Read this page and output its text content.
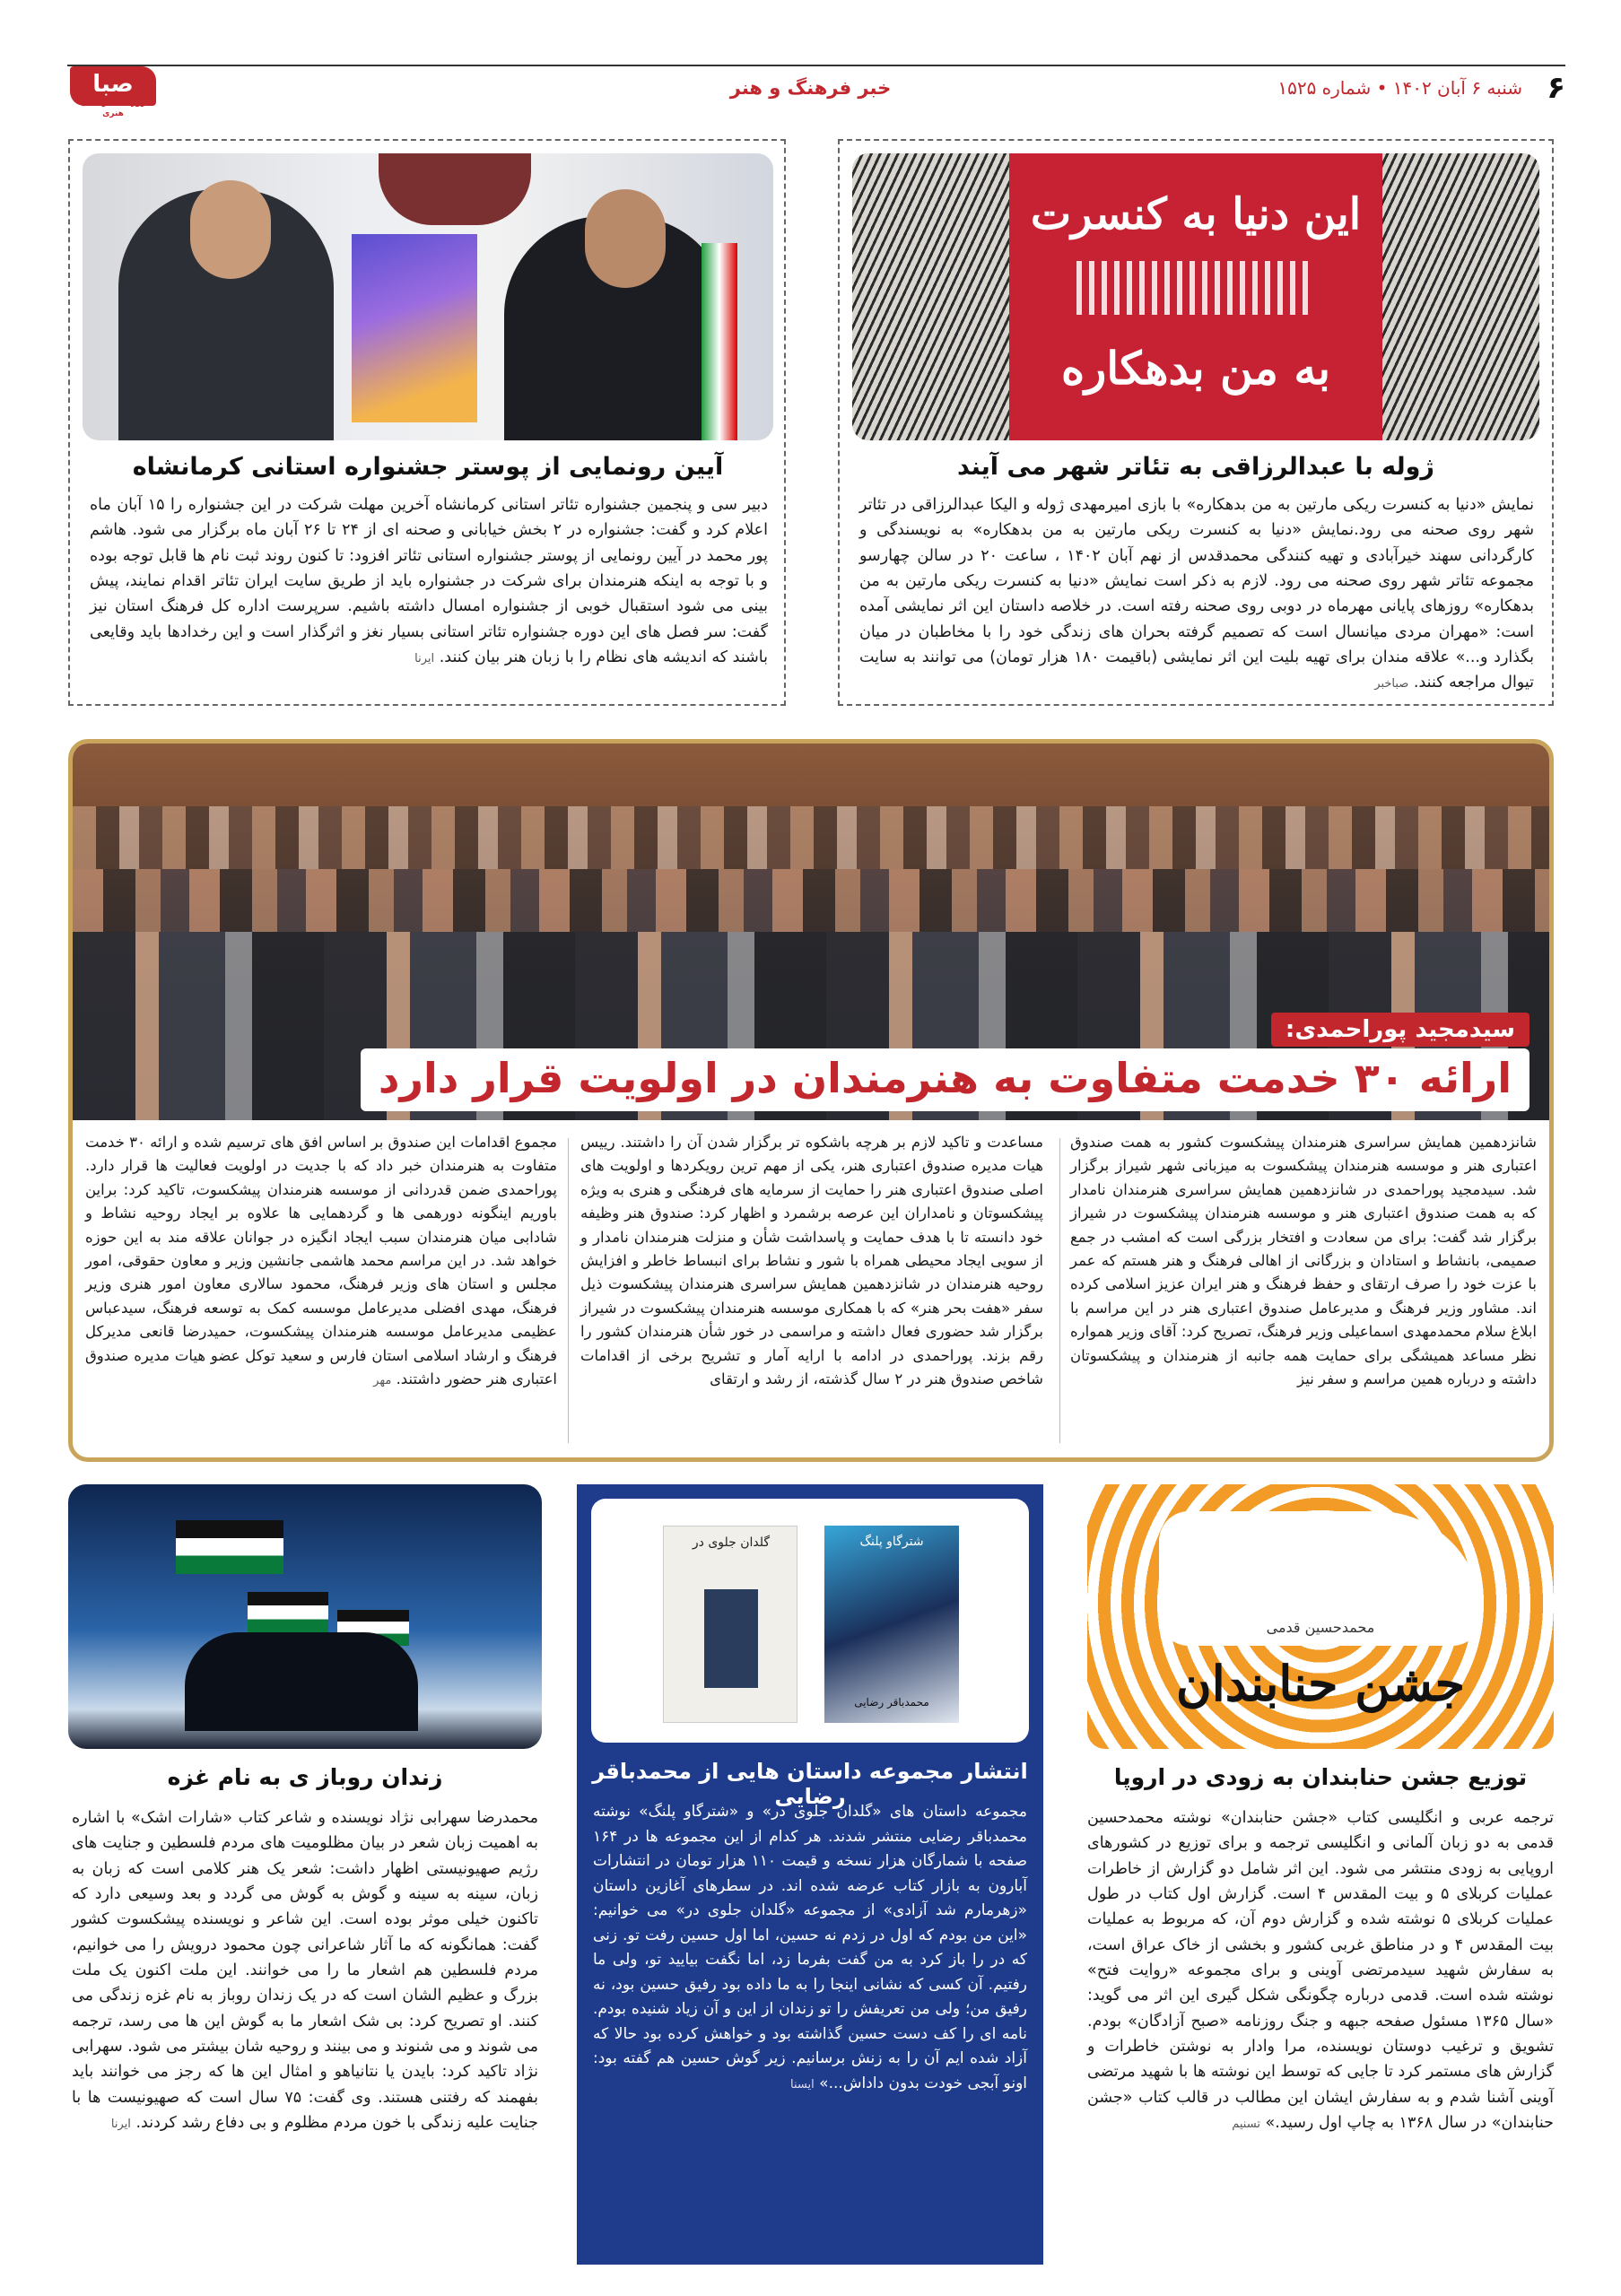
۶
شنبه ۶ آبان ۱۴۰۲ • شماره ۱۵۲۵
خبر فرهنگ و هنر
صبا
روزنامه فرهنگی هنری
این دنیا به کنسرت
به من بدهکاره
ژوله با عبدالرزاقی به تئاتر شهر می آیند
نمایش «دنیا به کنسرت ریکی مارتین به من بدهکاره» با بازی امیرمهدی ژوله و الیکا عبدالرزاقی در تئاتر شهر روی صحنه می رود.نمایش «دنیا به کنسرت ریکی مارتین به من بدهکاره» به نویسندگی و کارگردانی سهند خیرآبادی و تهیه کنندگی محمدقدس از نهم آبان ۱۴۰۲ ، ساعت ۲۰ در سالن چهارسو مجموعه تئاتر شهر روی صحنه می رود. لازم به ذکر است نمایش «دنیا به کنسرت ریکی مارتین به من بدهکاره» روزهای پایانی مهرماه در دوبی روی صحنه رفته است. در خلاصه داستان این اثر نمایشی آمده است: «مهران مردی میانسال است که تصمیم گرفته بحران های زندگی خود را با مخاطبان در میان بگذارد و...» علاقه مندان برای تهیه بلیت این اثر نمایشی (باقیمت ۱۸۰ هزار تومان) می توانند به سایت تیوال مراجعه کنند. صباخبر
آیین رونمایی از پوستر جشنواره استانی کرمانشاه
دبیر سی و پنجمین جشنواره تئاتر استانی کرمانشاه آخرین مهلت شرکت در این جشنواره را ۱۵ آبان ماه اعلام کرد و گفت: جشنواره در ۲ بخش خیابانی و صحنه ای از ۲۴ تا ۲۶ آبان ماه برگزار می شود. هاشم پور محمد در آیین رونمایی از پوستر جشنواره استانی تئاتر افزود: تا کنون روند ثبت نام ها قابل توجه بوده و با توجه به اینکه هنرمندان برای شرکت در جشنواره باید از طریق سایت ایران تئاتر اقدام نمایند، پیش بینی می شود استقبال خوبی از جشنواره امسال داشته باشیم. سرپرست اداره کل فرهنگ استان نیز گفت: سر فصل های این دوره جشنواره تئاتر استانی بسیار نغز و اثرگذار است و این رخدادها باید وقایعی باشند که اندیشه های نظام را با زبان هنر بیان کنند. ایرنا
سیدمجید پوراحمدی:
ارائه ۳۰ خدمت متفاوت به هنرمندان در اولویت قرار دارد
شانزدهمین همایش سراسری هنرمندان پیشکسوت کشور به همت صندوق اعتباری هنر و موسسه هنرمندان پیشکسوت به میزبانی شهر شیراز برگزار شد. سیدمجید پوراحمدی در شانزدهمین همایش سراسری هنرمندان نامدار که به همت صندوق اعتباری هنر و موسسه هنرمندان پیشکسوت در شیراز برگزار شد گفت: برای من سعادت و افتخار بزرگی است که امشب در جمع صمیمی، بانشاط و استادان و بزرگانی از اهالی فرهنگ و هنر هستم که عمر با عزت خود را صرف ارتقای و حفظ فرهنگ و هنر ایران عزیز اسلامی کرده اند. مشاور وزیر فرهنگ و مدیرعامل صندوق اعتباری هنر در این مراسم با ابلاغ سلام محمدمهدی اسماعیلی وزیر فرهنگ، تصریح کرد: آقای وزیر همواره نظر مساعد همیشگی برای حمایت همه جانبه از هنرمندان و پیشکسوتان داشته و درباره همین مراسم و سفر نیز
مساعدت و تاکید لازم بر هرچه باشکوه تر برگزار شدن آن را داشتند. رییس هیات مدیره صندوق اعتباری هنر، یکی از مهم ترین رویکردها و اولویت های اصلی صندوق اعتباری هنر را حمایت از سرمایه های فرهنگی و هنری به ویژه پیشکسوتان و نامداران این عرصه برشمرد و اظهار کرد: صندوق هنر وظیفه خود دانسته تا با هدف حمایت و پاسداشت شأن و منزلت هنرمندان نامدار و از سویی ایجاد محیطی همراه با شور و نشاط برای انبساط خاطر و افزایش روحیه هنرمندان در شانزدهمین همایش سراسری هنرمندان پیشکسوت ذیل سفر «هفت بحر هنر» که با همکاری موسسه هنرمندان پیشکسوت در شیراز برگزار شد حضوری فعال داشته و مراسمی در خور شأن هنرمندان کشور را رقم بزند. پوراحمدی در ادامه با ارایه آمار و تشریح برخی از اقدامات شاخص صندوق هنر در ۲ سال گذشته، از رشد و ارتقای
مجموع اقدامات این صندوق بر اساس افق های ترسیم شده و ارائه ۳۰ خدمت متفاوت به هنرمندان خبر داد که با جدیت در اولویت فعالیت ها قرار دارد. پوراحمدی ضمن قدردانی از موسسه هنرمندان پیشکسوت، تاکید کرد: براین باوریم اینگونه دورهمی ها و گردهمایی ها علاوه بر ایجاد روحیه نشاط و شادابی میان هنرمندان سبب ایجاد انگیزه در جوانان علاقه مند به این حوزه خواهد شد. در این مراسم محمد هاشمی جانشین وزیر و معاون حقوقی، امور مجلس و استان های وزیر فرهنگ، محمود سالاری معاون امور هنری وزیر فرهنگ، مهدی افضلی مدیرعامل موسسه کمک به توسعه فرهنگ، سیدعباس عظیمی مدیرعامل موسسه هنرمندان پیشکسوت، حمیدرضا قانعی مدیرکل فرهنگ و ارشاد اسلامی استان فارس و سعید توکل عضو هیات مدیره صندوق اعتباری هنر حضور داشتند. مهر
محمدحسین قدمی
جشن حنابندان
توزیع جشن حنابندان به زودی در اروپا
ترجمه عربی و انگلیسی کتاب «جشن حنابندان» نوشته محمدحسین قدمی به دو زبان آلمانی و انگلیسی ترجمه و برای توزیع در کشورهای اروپایی به زودی منتشر می شود. این اثر شامل دو گزارش از خاطرات عملیات کربلای ۵ و بیت المقدس ۴ است. گزارش اول کتاب در طول عملیات کربلای ۵ نوشته شده و گزارش دوم آن، که مربوط به عملیات بیت المقدس ۴ و در مناطق غربی کشور و بخشی از خاک عراق است، به سفارش شهید سیدمرتضی آوینی و برای مجموعه «روایت فتح» نوشته شده است. قدمی درباره چگونگی شکل گیری این اثر می گوید: «سال ۱۳۶۵ مسئول صفحه جبهه و جنگ روزنامه «صبح آزادگان» بودم. تشویق و ترغیب دوستان نویسنده، مرا وادار به نوشتن خاطرات و گزارش های مستمر کرد تا جایی که توسط این نوشته ها با شهید مرتضی آوینی آشنا شدم و به سفارش ایشان این مطالب در قالب کتاب «جشن حنابندان» در سال ۱۳۶۸ به چاپ اول رسید.» تسنیم
گلدان جلوی در	شترگاو پلنگ
محمدباقر رضایی
انتشار مجموعه داستان هایی از محمدباقر رضایی
مجموعه داستان های «گلدان جلوی در» و «شترگاو پلنگ» نوشته محمدباقر رضایی منتشر شدند. هر کدام از این مجموعه ها در ۱۶۴ صفحه با شمارگان هزار نسخه و قیمت ۱۱۰ هزار تومان در انتشارات آبارون به بازار کتاب عرضه شده اند. در سطرهای آغازین داستان «زهرمارم شد آزادی» از مجموعه «گلدان جلوی در» می خوانیم: «این من بودم که اول در زدم نه حسین، اما اول حسین رفت تو. زنی که در را باز کرد به من گفت بفرما زد، اما نگفت بیایید تو، ولی ما رفتیم. آن کسی که نشانی اینجا را به ما داده بود رفیق حسین بود، نه رفیق من؛ ولی من تعریفش را تو زندان از این و آن زیاد شنیده بودم. نامه ای را کف دست حسین گذاشته بود و خواهش کرده بود حالا که آزاد شده ایم آن را به زنش برسانیم. زیر گوش حسین هم گفته بود: اونو آبجی خودت بدون داداش...» ایسنا
زندان روباز ی به نام غزه
محمدرضا سهرابی نژاد نویسنده و شاعر کتاب «شارات اشک» با اشاره به اهمیت زبان شعر در بیان مظلومیت های مردم فلسطین و جنایت های رژیم صهیونیستی اظهار داشت: شعر یک هنر کلامی است که زبان به زبان، سینه به سینه و گوش به گوش می گردد و بعد وسیعی دارد که تاکنون خیلی موثر بوده است. این شاعر و نویسنده پیشکسوت کشور گفت: همانگونه که ما آثار شاعرانی چون محمود درویش را می خوانیم، مردم فلسطین هم اشعار ما را می خوانند. این ملت اکنون یک ملت بزرگ و عظیم الشان است که در یک زندان روباز به نام غزه زندگی می کنند. او تصریح کرد: بی شک اشعار ما به گوش این ها می رسد، ترجمه می شوند و می شنوند و می بینند و روحیه شان بیشتر می شود. سهرابی نژاد تاکید کرد: بایدن یا نتانیاهو و امثال این ها که رجز می خوانند باید بفهمند که رفتنی هستند. وی گفت: ۷۵ سال است که صهیونیست ها با جنایت علیه زندگی با خون مردم مظلوم و بی دفاع رشد کردند. ایرنا
